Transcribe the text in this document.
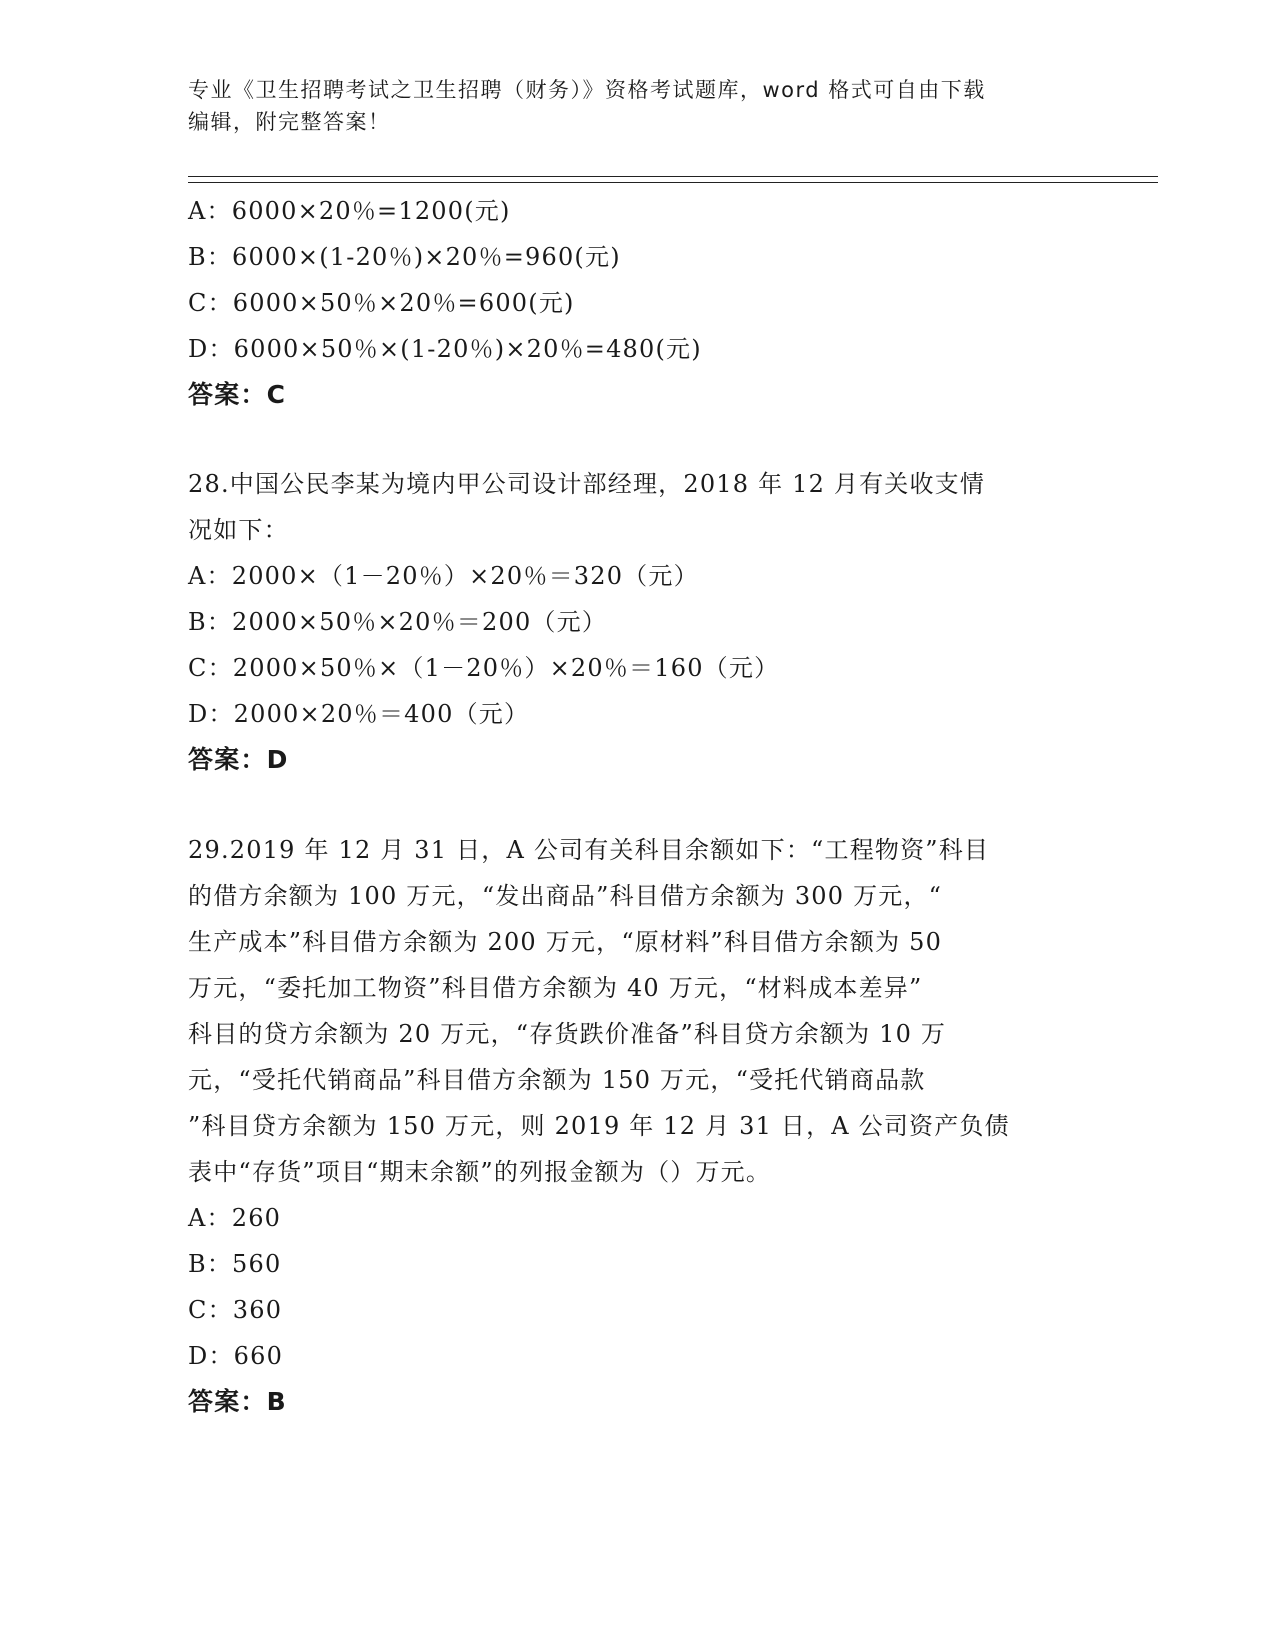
专业《卫生招聘考试之卫生招聘（财务）》资格考试题库，word 格式可自由下载
编辑，附完整答案！
A：6000×20％=1200(元)
B：6000×(1-20％)×20％=960(元)
C：6000×50％×20％=600(元)
D：6000×50％×(1-20％)×20％=480(元)
答案：C
28.中国公民李某为境内甲公司设计部经理，2018 年 12 月有关收支情
况如下：
A：2000×（1－20％）×20％＝320（元）
B：2000×50％×20％＝200（元）
C：2000×50％×（1－20％）×20％＝160（元）
D：2000×20％＝400（元）
答案：D
29.2019 年 12 月 31 日，A 公司有关科目余额如下：“工程物资”科目
的借方余额为 100 万元，“发出商品”科目借方余额为 300 万元，“
生产成本”科目借方余额为 200 万元，“原材料”科目借方余额为 50
万元，“委托加工物资”科目借方余额为 40 万元，“材料成本差异”
科目的贷方余额为 20 万元，“存货跌价准备”科目贷方余额为 10 万
元，“受托代销商品”科目借方余额为 150 万元，“受托代销商品款
”科目贷方余额为 150 万元，则 2019 年 12 月 31 日，A 公司资产负债
表中“存货”项目“期末余额”的列报金额为（）万元。
A：260
B：560
C：360
D：660
答案：B
